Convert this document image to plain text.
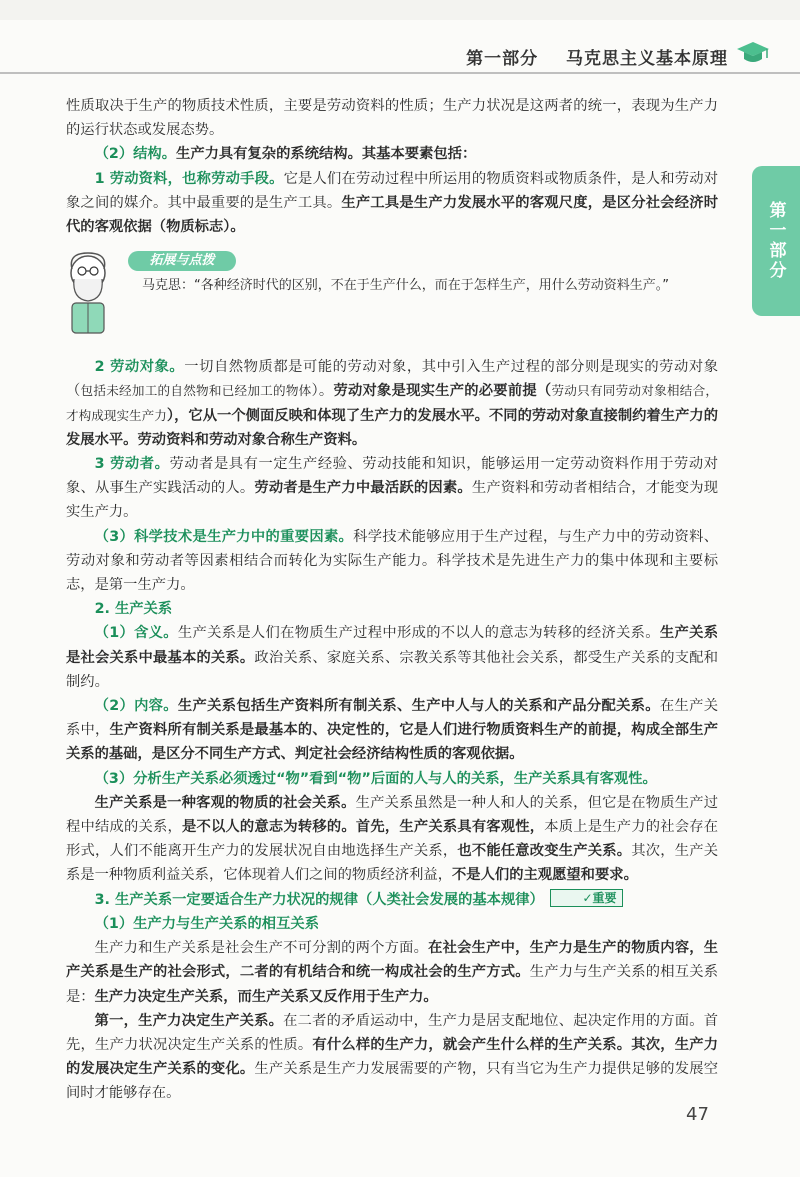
第一部分 马克思主义基本原理
第一部分

性质取决于生产的物质技术性质，主要是劳动资料的性质；生产力状况是这两者的统一，表现为生产力的运行状态或发展态势。

（2）结构。生产力具有复杂的系统结构。其基本要素包括：

1 劳动资料，也称劳动手段。它是人们在劳动过程中所运用的物质资料或物质条件，是人和劳动对象之间的媒介。其中最重要的是生产工具。生产工具是生产力发展水平的客观尺度，是区分社会经济时代的客观依据（物质标志）。

拓展与点拨
马克思：“各种经济时代的区别，不在于生产什么，而在于怎样生产，用什么劳动资料生产。”

2 劳动对象。一切自然物质都是可能的劳动对象，其中引入生产过程的部分则是现实的劳动对象（包括未经加工的自然物和已经加工的物体）。劳动对象是现实生产的必要前提（劳动只有同劳动对象相结合，才构成现实生产力），它从一个侧面反映和体现了生产力的发展水平。不同的劳动对象直接制约着生产力的发展水平。劳动资料和劳动对象合称生产资料。

3 劳动者。劳动者是具有一定生产经验、劳动技能和知识，能够运用一定劳动资料作用于劳动对象、从事生产实践活动的人。劳动者是生产力中最活跃的因素。生产资料和劳动者相结合，才能变为现实生产力。

（3）科学技术是生产力中的重要因素。科学技术能够应用于生产过程，与生产力中的劳动资料、劳动对象和劳动者等因素相结合而转化为实际生产能力。科学技术是先进生产力的集中体现和主要标志，是第一生产力。

2. 生产关系

（1）含义。生产关系是人们在物质生产过程中形成的不以人的意志为转移的经济关系。生产关系是社会关系中最基本的关系。政治关系、家庭关系、宗教关系等其他社会关系，都受生产关系的支配和制约。

（2）内容。生产关系包括生产资料所有制关系、生产中人与人的关系和产品分配关系。在生产关系中，生产资料所有制关系是最基本的、决定性的，它是人们进行物质资料生产的前提，构成全部生产关系的基础，是区分不同生产方式、判定社会经济结构性质的客观依据。

（3）分析生产关系必须透过“物”看到“物”后面的人与人的关系，生产关系具有客观性。

生产关系是一种客观的物质的社会关系。生产关系虽然是一种人和人的关系，但它是在物质生产过程中结成的关系，是不以人的意志为转移的。首先，生产关系具有客观性，本质上是生产力的社会存在形式，人们不能离开生产力的发展状况自由地选择生产关系，也不能任意改变生产关系。其次，生产关系是一种物质利益关系，它体现着人们之间的物质经济利益，不是人们的主观愿望和要求。

3. 生产关系一定要适合生产力状况的规律（人类社会发展的基本规律）	✓重要

（1）生产力与生产关系的相互关系

生产力和生产关系是社会生产不可分割的两个方面。在社会生产中，生产力是生产的物质内容，生产关系是生产的社会形式，二者的有机结合和统一构成社会的生产方式。生产力与生产关系的相互关系是：生产力决定生产关系，而生产关系又反作用于生产力。

第一，生产力决定生产关系。在二者的矛盾运动中，生产力是居支配地位、起决定作用的方面。首先，生产力状况决定生产关系的性质。有什么样的生产力，就会产生什么样的生产关系。其次，生产力的发展决定生产关系的变化。生产关系是生产力发展需要的产物，只有当它为生产力提供足够的发展空间时才能够存在。

47
